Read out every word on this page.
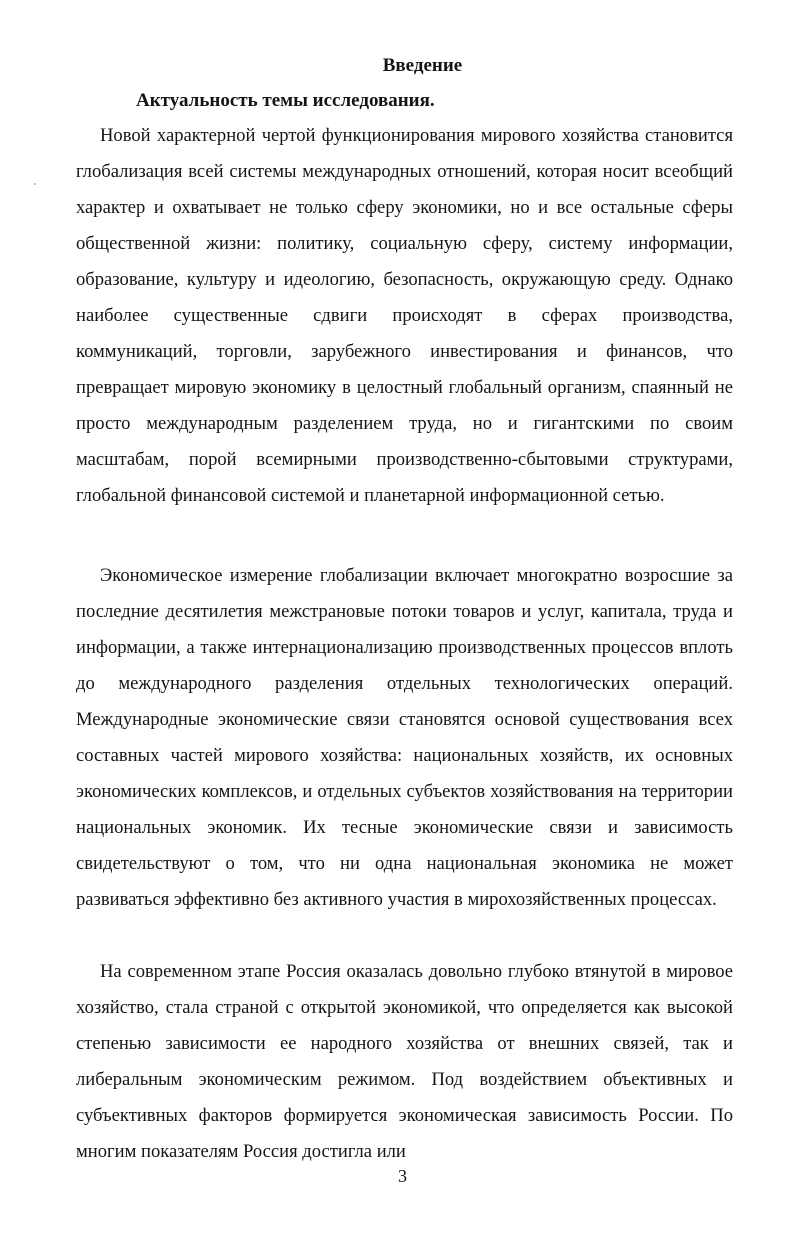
Введение
Актуальность темы исследования.

Новой характерной чертой функционирования мирового хозяйства становится глобализация всей системы международных отношений, которая носит всеобщий характер и охватывает не только сферу экономики, но и все остальные сферы общественной жизни: политику, социальную сферу, систему информации, образование, культуру и идеологию, безопасность, окружающую среду. Однако наиболее существенные сдвиги происходят в сферах производства, коммуникаций, торговли, зарубежного инвестирования и финансов, что превращает мировую экономику в целостный глобальный организм, спаянный не просто международным разделением труда, но и гигантскими по своим масштабам, порой всемирными производственно-сбытовыми структурами, глобальной финансовой системой и планетарной информационной сетью.

Экономическое измерение глобализации включает многократно возросшие за последние десятилетия межстрановые потоки товаров и услуг, капитала, труда и информации, а также интернационализацию производственных процессов вплоть до международного разделения отдельных технологических операций. Международные экономические связи становятся основой существования всех составных частей мирового хозяйства: национальных хозяйств, их основных экономических комплексов, и отдельных субъектов хозяйствования на территории национальных экономик. Их тесные экономические связи и зависимость свидетельствуют о том, что ни одна национальная экономика не может развиваться эффективно без активного участия в мирохозяйственных процессах.

На современном этапе Россия оказалась довольно глубоко втянутой в мировое хозяйство, стала страной с открытой экономикой, что определяется как высокой степенью зависимости ее народного хозяйства от внешних связей, так и либеральным экономическим режимом. Под воздействием объективных и субъективных факторов формируется экономическая зависимость России. По многим показателям Россия достигла или

3
